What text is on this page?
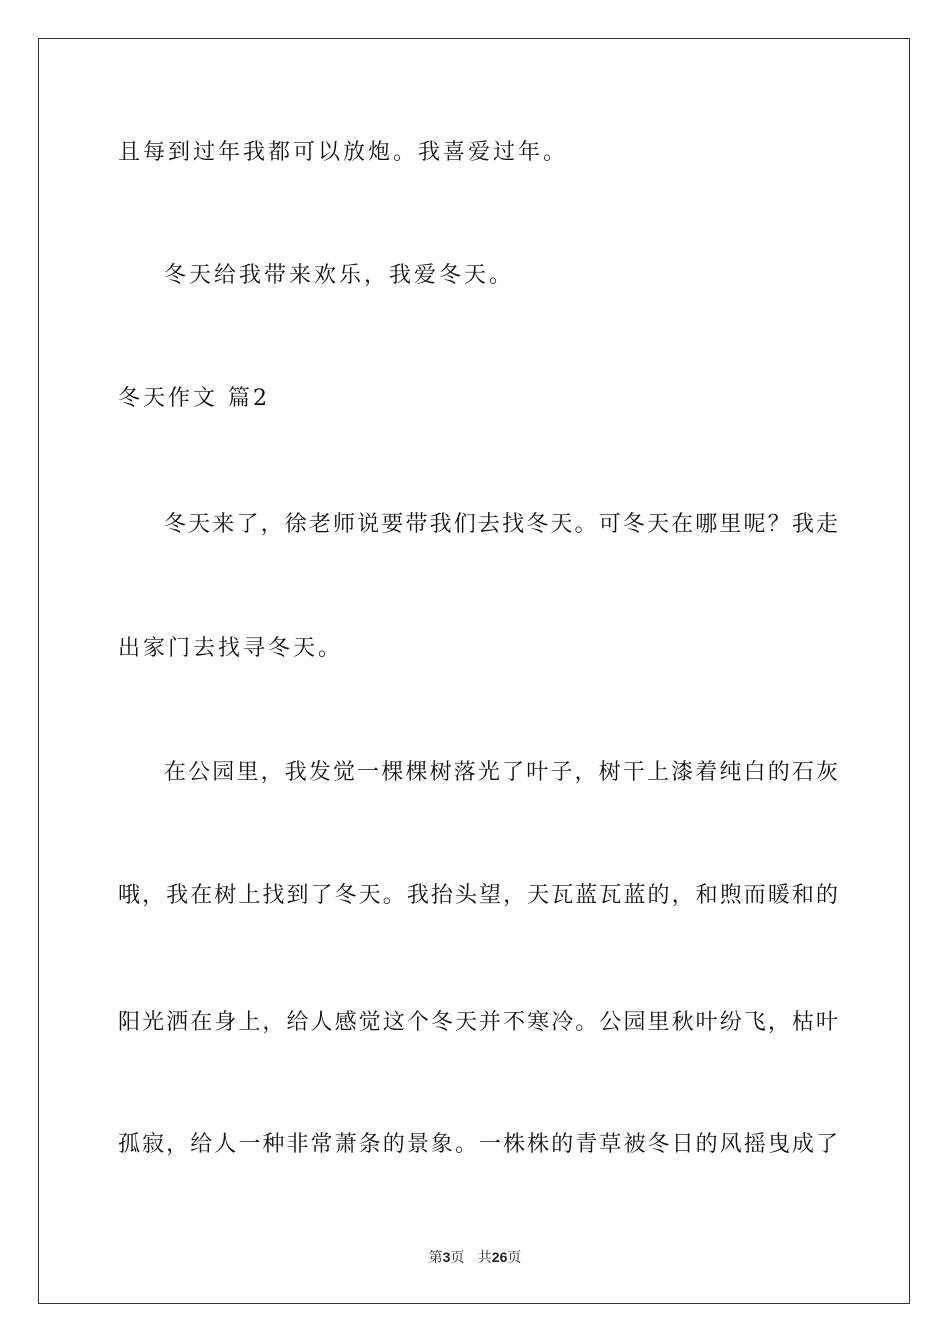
且每到过年我都可以放炮。我喜爱过年。
冬天给我带来欢乐，我爱冬天。
冬天作文 篇2
冬天来了，徐老师说要带我们去找冬天。可冬天在哪里呢？我走
出家门去找寻冬天。
在公园里，我发觉一棵棵树落光了叶子，树干上漆着纯白的石灰
哦，我在树上找到了冬天。我抬头望，天瓦蓝瓦蓝的，和煦而暖和的
阳光洒在身上，给人感觉这个冬天并不寒冷。公园里秋叶纷飞，枯叶
孤寂，给人一种非常萧条的景象。一株株的青草被冬日的风摇曳成了
第3页 共26页
